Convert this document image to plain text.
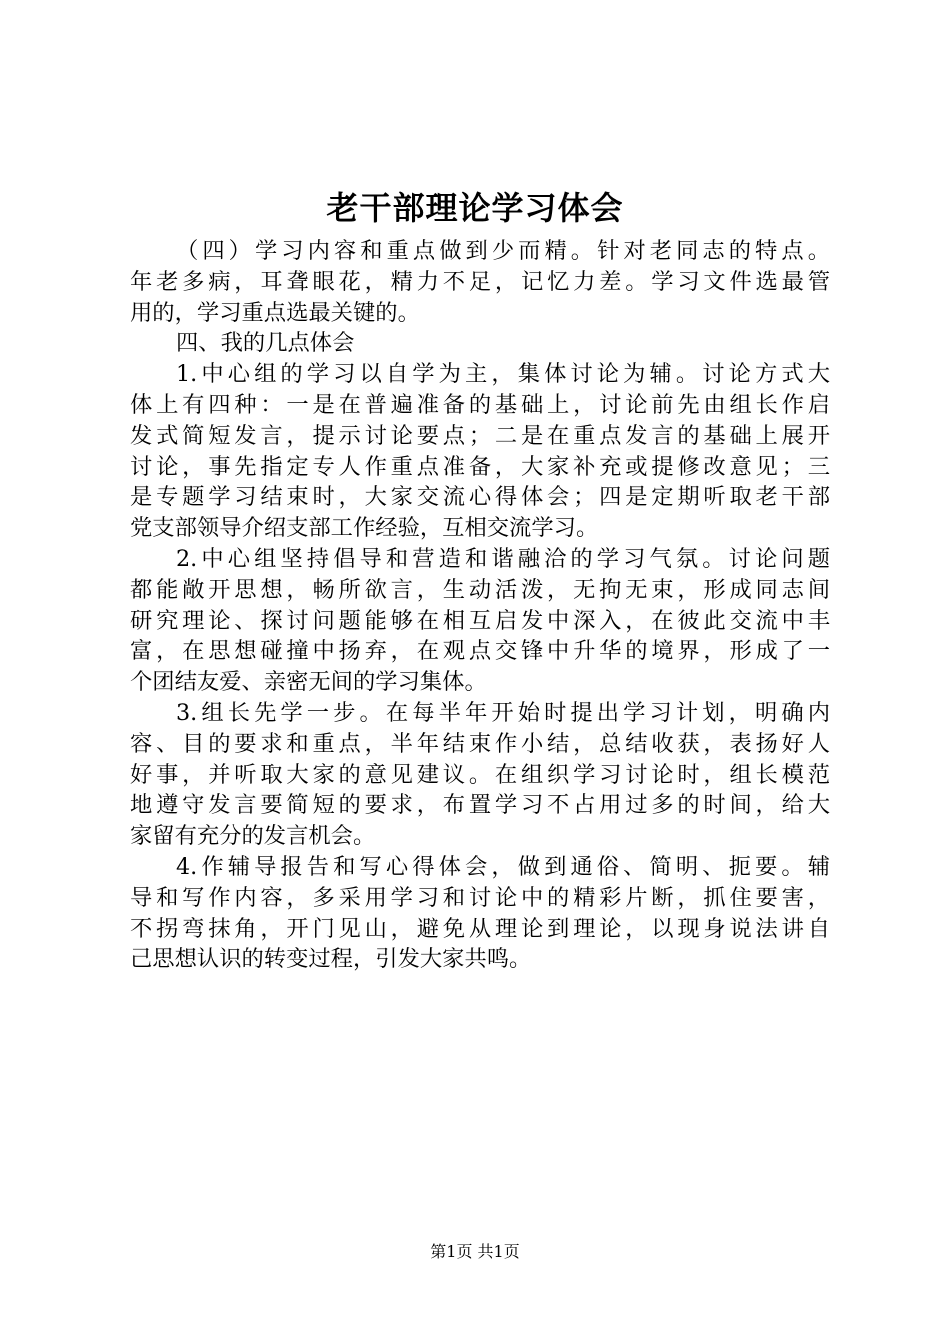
老干部理论学习体会
（四）学习内容和重点做到少而精。针对老同志的特点。
年老多病，耳聋眼花，精力不足，记忆力差。学习文件选最管
用的，学习重点选最关键的。
四、我的几点体会
1.中心组的学习以自学为主，集体讨论为辅。讨论方式大
体上有四种：一是在普遍准备的基础上，讨论前先由组长作启
发式简短发言，提示讨论要点；二是在重点发言的基础上展开
讨论，事先指定专人作重点准备，大家补充或提修改意见；三
是专题学习结束时，大家交流心得体会；四是定期听取老干部
党支部领导介绍支部工作经验，互相交流学习。
2.中心组坚持倡导和营造和谐融洽的学习气氛。讨论问题
都能敞开思想，畅所欲言，生动活泼，无拘无束，形成同志间
研究理论、探讨问题能够在相互启发中深入，在彼此交流中丰
富，在思想碰撞中扬弃，在观点交锋中升华的境界，形成了一
个团结友爱、亲密无间的学习集体。
3.组长先学一步。在每半年开始时提出学习计划，明确内
容、目的要求和重点，半年结束作小结，总结收获，表扬好人
好事，并听取大家的意见建议。在组织学习讨论时，组长模范
地遵守发言要简短的要求，布置学习不占用过多的时间，给大
家留有充分的发言机会。
4.作辅导报告和写心得体会，做到通俗、简明、扼要。辅
导和写作内容，多采用学习和讨论中的精彩片断，抓住要害，
不拐弯抹角，开门见山，避免从理论到理论，以现身说法讲自
己思想认识的转变过程，引发大家共鸣。
第1页 共1页
